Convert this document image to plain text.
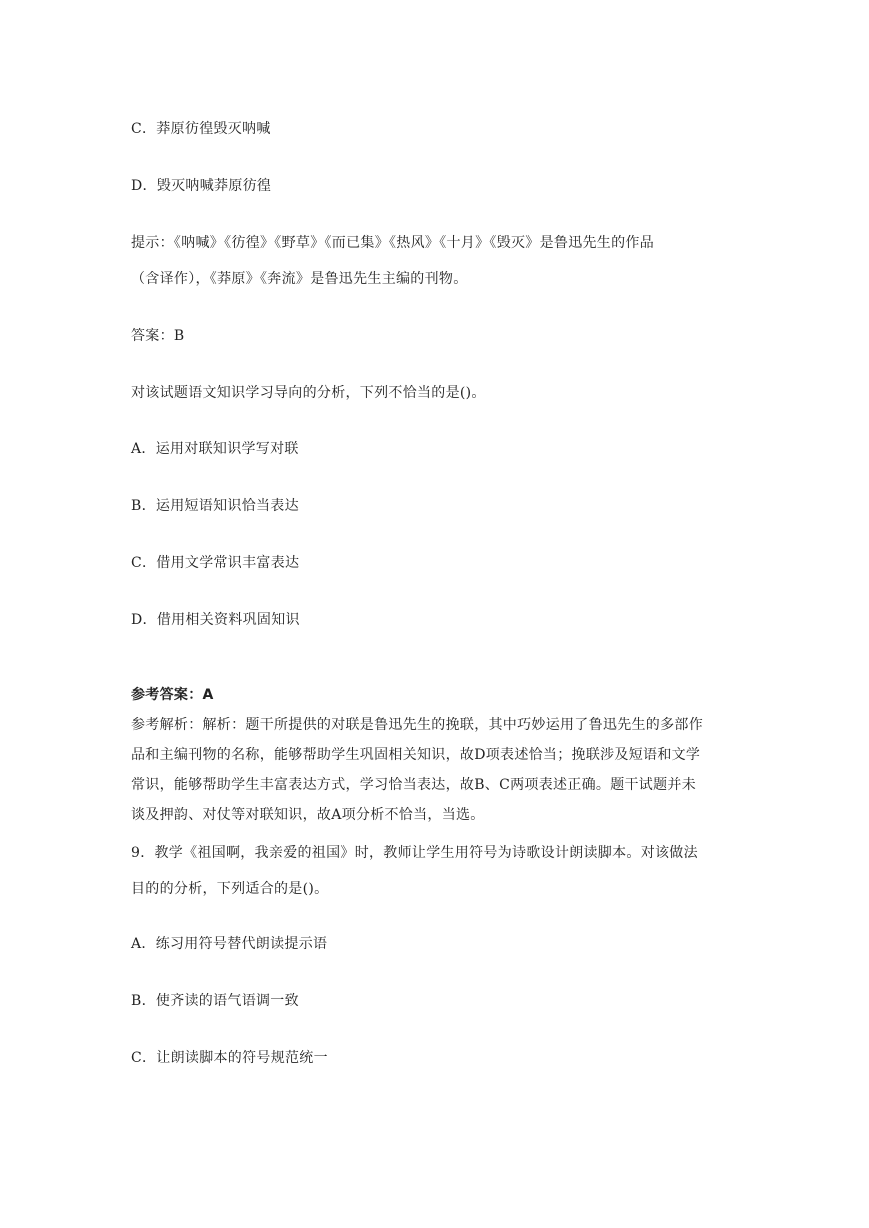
C．莽原彷徨毁灭呐喊
D．毁灭呐喊莽原彷徨
提示：《呐喊》《彷徨》《野草》《而已集》《热风》《十月》《毁灭》是鲁迅先生的作品
（含译作），《莽原》《奔流》是鲁迅先生主编的刊物。
答案：B
对该试题语文知识学习导向的分析，下列不恰当的是()。
A．运用对联知识学写对联
B．运用短语知识恰当表达
C．借用文学常识丰富表达
D．借用相关资料巩固知识
参考答案：A
参考解析：解析：题干所提供的对联是鲁迅先生的挽联，其中巧妙运用了鲁迅先生的多部作
品和主编刊物的名称，能够帮助学生巩固相关知识，故D项表述恰当；挽联涉及短语和文学
常识，能够帮助学生丰富表达方式，学习恰当表达，故B、C两项表述正确。题干试题并未
谈及押韵、对仗等对联知识，故A项分析不恰当，当选。
9．教学《祖国啊，我亲爱的祖国》时，教师让学生用符号为诗歌设计朗读脚本。对该做法
目的的分析，下列适合的是()。
A．练习用符号替代朗读提示语
B．使齐读的语气语调一致
C．让朗读脚本的符号规范统一
